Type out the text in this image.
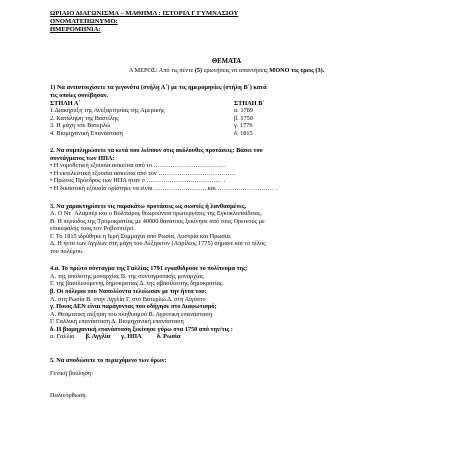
ΩΡΙΑΙΟ ΔΙΑΓΩΝΙΣΜΑ – ΜΑΘΗΜΑ : ΙΣΤΟΡΙΑ Γ ΓΥΜΝΑΣΙΟΥ

ΟΝΟΜΑΤΕΠΩΝΥΜΟ:

ΗΜΕΡΟΜΗΝΙΑ:

ΘΕΜΑΤΑ
Α ΜΕΡΟΣ: Από τις πέντε (5) ερωτήσεις να απαντήσεις ΜΟΝΟ τις τρεις (3).

1) Να αντιστοιχίσετε τα γεγονότα (στήλη Α΄) με τις ημερομηνίες (στήλη Β΄) κατά

τις οποίες συνέβησαν.

ΣΤΗΛΗ Α΄	ΣΤΗΛΗ Β΄
1.Διακήρυξη της Ανεξαρτησίας της Αμερικής	α. 1789
2. Κατάληψη της Βαστίλης	β. 1750
3. Η μάχη του Βατερλώ	γ. 1776
4. Βιομηχανική Επανάσταση	δ. 1815

2. Να συμπληρώσετε τα κενά που λείπουν στις ακόλουθες προτάσεις: Βάσει του

συντάγματος των ΗΠΑ:

• Η νομοθετική εξουσία ασκείται από το ……………………….. …. .

• Η εκτελεστική εξουσία ασκείται από τον ……………………………….

• Πρώτος Πρόεδρος των ΗΠΑ ήταν ο ……………………………… .

• Η δικαστική εξουσία ορίστηκε να είναι ……………………. και ……………………… .

3. Να χαρακτηρίσετε τις παρακάτω προτάσεις ως σωστές ή λανθασμένες.

Α. Ο Ντ΄ Αλαμπέρ και ο Βολταίρος θεωρούνται πρωτεργάτες της Εγκυκλοπαίδειας.

Β. Η περίοδος της Τρομοκρατίας με 40000 θανάτους ξεκίνησε από τους Ορεινούς με

επικεφαλής τους τον Ροβεσπιέρο.

Γ. Το 1815 ιδρύθηκε η Ιερή Συμμαχία από Ρωσία, Αυστρία και Πρωσία.

Δ. Η ήττα των Άγγλων στη μάχη του Λέξιγκτον (Απρίλιος 1775) σήμανε και το τέλος

του πολέμου.

4.α. Το πρώτο σύνταγμα της Γαλλίας 1791 εγκαθίδρυσε το πολίτευμα της:

Α. της απόλυτης μοναρχίας Β. της συνταγματικής μοναρχίας

Γ. της βασιλευόμενης δημοκρατίας Δ. της αβασίλευτης δημοκρατίας

β. Οι πόλεμοι του Ναπολέοντα τελείωσαν με την ήττα του:

Α. στη Ρωσία Β. στην Αγγλία Γ. στο Βατερλώ Δ. στη Αιγύπτο

γ. Ποιος ΔΕΝ είναι παράγοντας που οδήγησε στο Διαφωτισμό;

Α. Θεαματική αύξηση του πληθυσμού Β. Αγροτική επανάσταση

Γ. Γαλλική επανάσταση Δ. Βιομηχανική επανάσταση

δ. Η βιομηχανική επανάσταση ξεκίνησε γύρω στα 1750 από την/τις :

α. Γαλλία β. Αγγλία γ. ΗΠΑ δ. Ρωσία

5. Να αποδώσετε το περιεχόμενο των όρων:

Γενική βούληση:

Παλινόρθωση.
